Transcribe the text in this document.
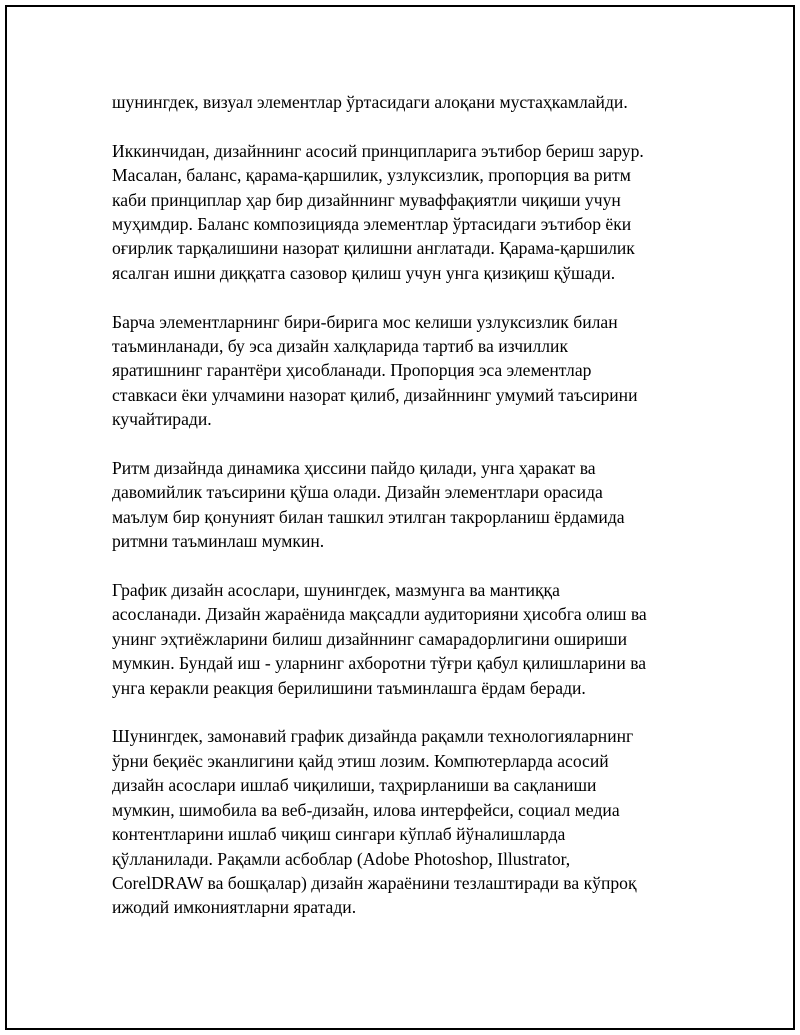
шунингдек, визуал элементлар ўртасидаги алоқани мустаҳкамлайди.

Иккинчидан, дизайннинг асосий принципларига эътибор бериш зарур.
Масалан, баланс, қарама-қаршилик, узлуксизлик, пропорция ва ритм
каби принциплар ҳар бир дизайннинг муваффақиятли чиқиши учун
муҳимдир. Баланс композицияда элементлар ўртасидаги эътибор ёки
оғирлик тарқалишини назорат қилишни англатади. Қарама-қаршилик
ясалган ишни диққатга сазовор қилиш учун унга қизиқиш қўшади.

Барча элементларнинг бири-бирига мос келиши узлуксизлик билан
таъминланади, бу эса дизайн халқларида тартиб ва изчиллик
яратишнинг гарантёри ҳисобланади. Пропорция эса элементлар
ставкаси ёки улчамини назорат қилиб, дизайннинг умумий таъсирини
кучайтиради.

Ритм дизайнда динамика ҳиссини пайдо қилади, унга ҳаракат ва
давомийлик таъсирини қўша олади. Дизайн элементлари орасида
маълум бир қонуният билан ташкил этилган такрорланиш ёрдамида
ритмни таъминлаш мумкин.

График дизайн асослари, шунингдек, мазмунга ва мантиққа
асосланади. Дизайн жараёнида мақсадли аудиторияни ҳисобга олиш ва
унинг эҳтиёжларини билиш дизайннинг самарадорлигини ошириши
мумкин. Бундай иш - уларнинг ахборотни тўғри қабул қилишларини ва
унга керакли реакция берилишини таъминлашга ёрдам беради.

Шунингдек, замонавий график дизайнда рақамли технологияларнинг
ўрни беқиёс эканлигини қайд этиш лозим. Компютерларда асосий
дизайн асослари ишлаб чиқилиши, таҳрирланиши ва сақланиши
мумкин, шимобила ва веб-дизайн, илова интерфейси, социал медиа
контентларини ишлаб чиқиш сингари кўплаб йўналишларда
қўлланилади. Рақамли асбоблар (Adobe Photoshop, Illustrator,
CorelDRAW ва бошқалар) дизайн жараёнини тезлаштиради ва кўпроқ
ижодий имкониятларни яратади.
